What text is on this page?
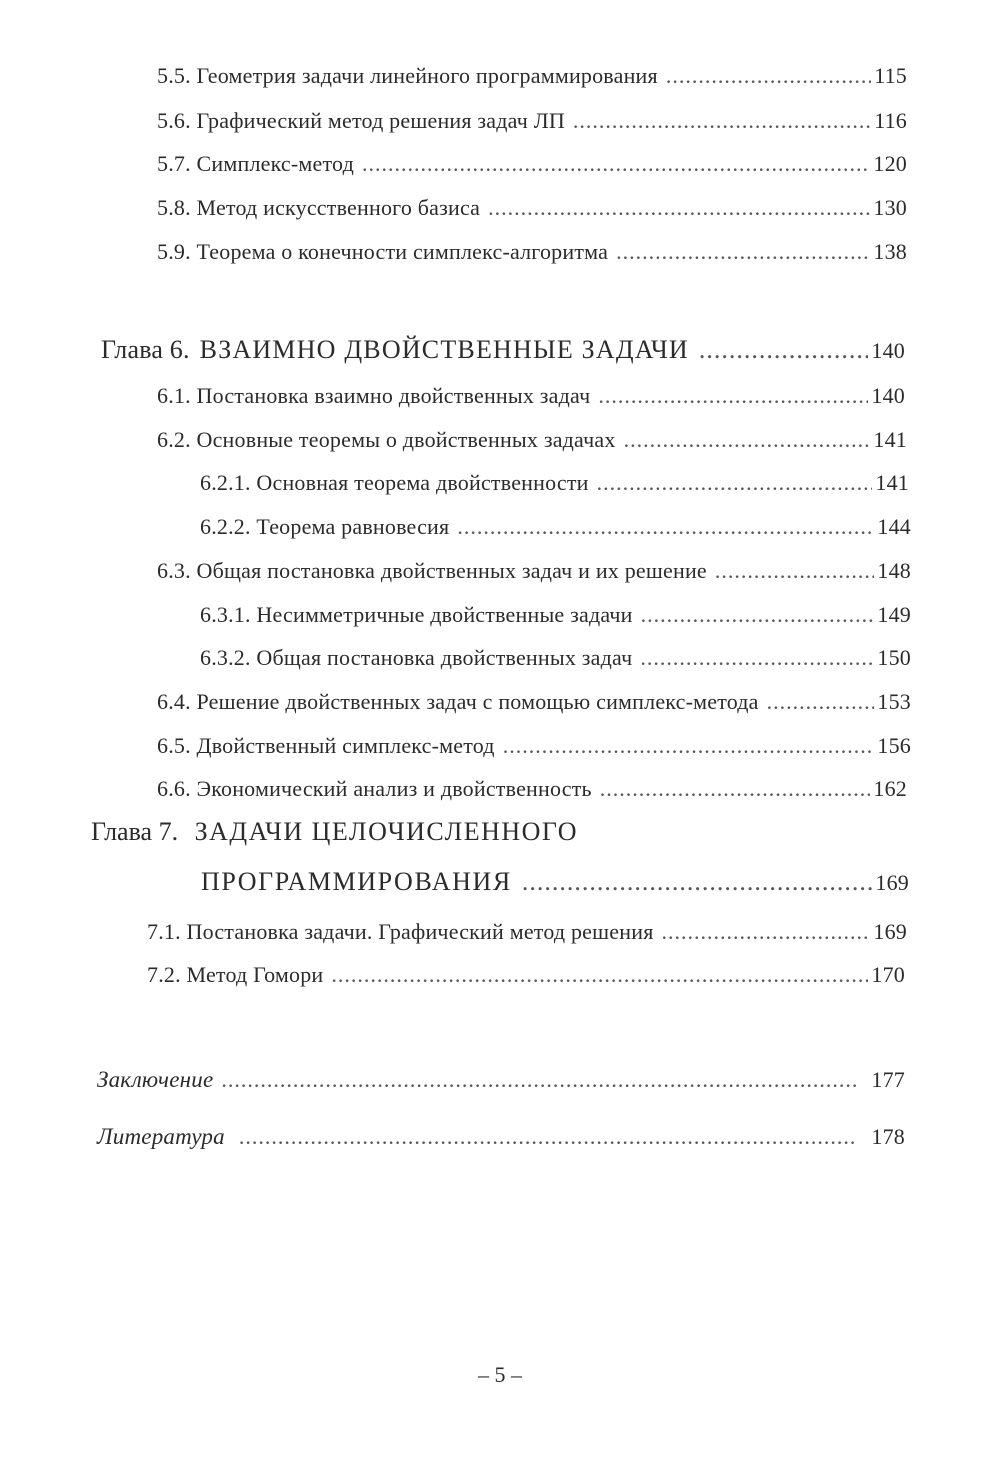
5.5. Геометрия задачи линейного программирования .....	115
5.6. Графический метод решения задач ЛП .....	116
5.7. Симплекс-метод .....	120
5.8. Метод искусственного базиса .....	130
5.9. Теорема о конечности симплекс-алгоритма .....	138
Глава 6. ВЗАИМНО ДВОЙСТВЕННЫЕ ЗАДАЧИ .....	140
6.1. Постановка взаимно двойственных задач .....	140
6.2. Основные теоремы о двойственных задачах .....	141
6.2.1. Основная теорема двойственности .....	141
6.2.2. Теорема равновесия .....	144
6.3. Общая постановка двойственных задач и их решение .....	148
6.3.1. Несимметричные двойственные задачи .....	149
6.3.2. Общая постановка двойственных задач .....	150
6.4. Решение двойственных задач с помощью симплекс-метода .....	153
6.5. Двойственный симплекс-метод .....	156
6.6. Экономический анализ и двойственность .....	162
Глава 7. ЗАДАЧИ ЦЕЛОЧИСЛЕННОГО
ПРОГРАММИРОВАНИЯ .....	169
7.1. Постановка задачи. Графический метод решения .....	169
7.2. Метод Гомори .....	170
Заключение .....	177
Литература .....	178
– 5 –
